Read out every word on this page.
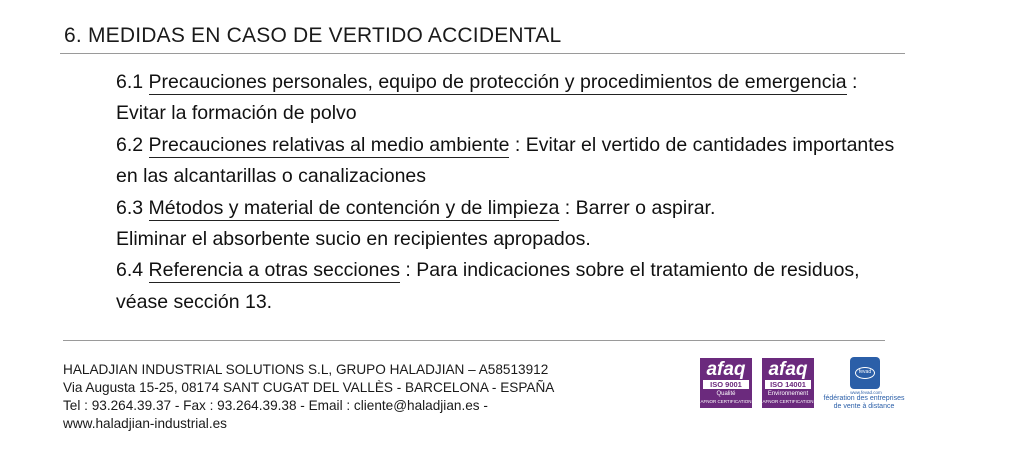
6. MEDIDAS EN CASO DE VERTIDO ACCIDENTAL
6.1 Precauciones personales, equipo de protección y procedimientos de emergencia :
Evitar la formación de polvo
6.2 Precauciones relativas al medio ambiente : Evitar el vertido de cantidades importantes
en las alcantarillas o canalizaciones
6.3 Métodos y material de contención y de limpieza : Barrer o aspirar.
Eliminar el absorbente sucio en recipientes apropados.
6.4 Referencia a otras secciones : Para indicaciones sobre el tratamiento de residuos,
véase sección 13.
HALADJIAN INDUSTRIAL SOLUTIONS S.L, GRUPO HALADJIAN – A58513912
Via Augusta 15-25, 08174 SANT CUGAT DEL VALLÈS - BARCELONA - ESPAÑA
Tel : 93.264.39.37 - Fax : 93.264.39.38 - Email : cliente@haladjian.es -
www.haladjian-industrial.es
afaq
ISO 9001
Qualité
AFNOR CERTIFICATION
afaq
ISO 14001
Environnement
AFNOR CERTIFICATION
fevad
www.fevad.com
fédération des entreprises de vente à distance
